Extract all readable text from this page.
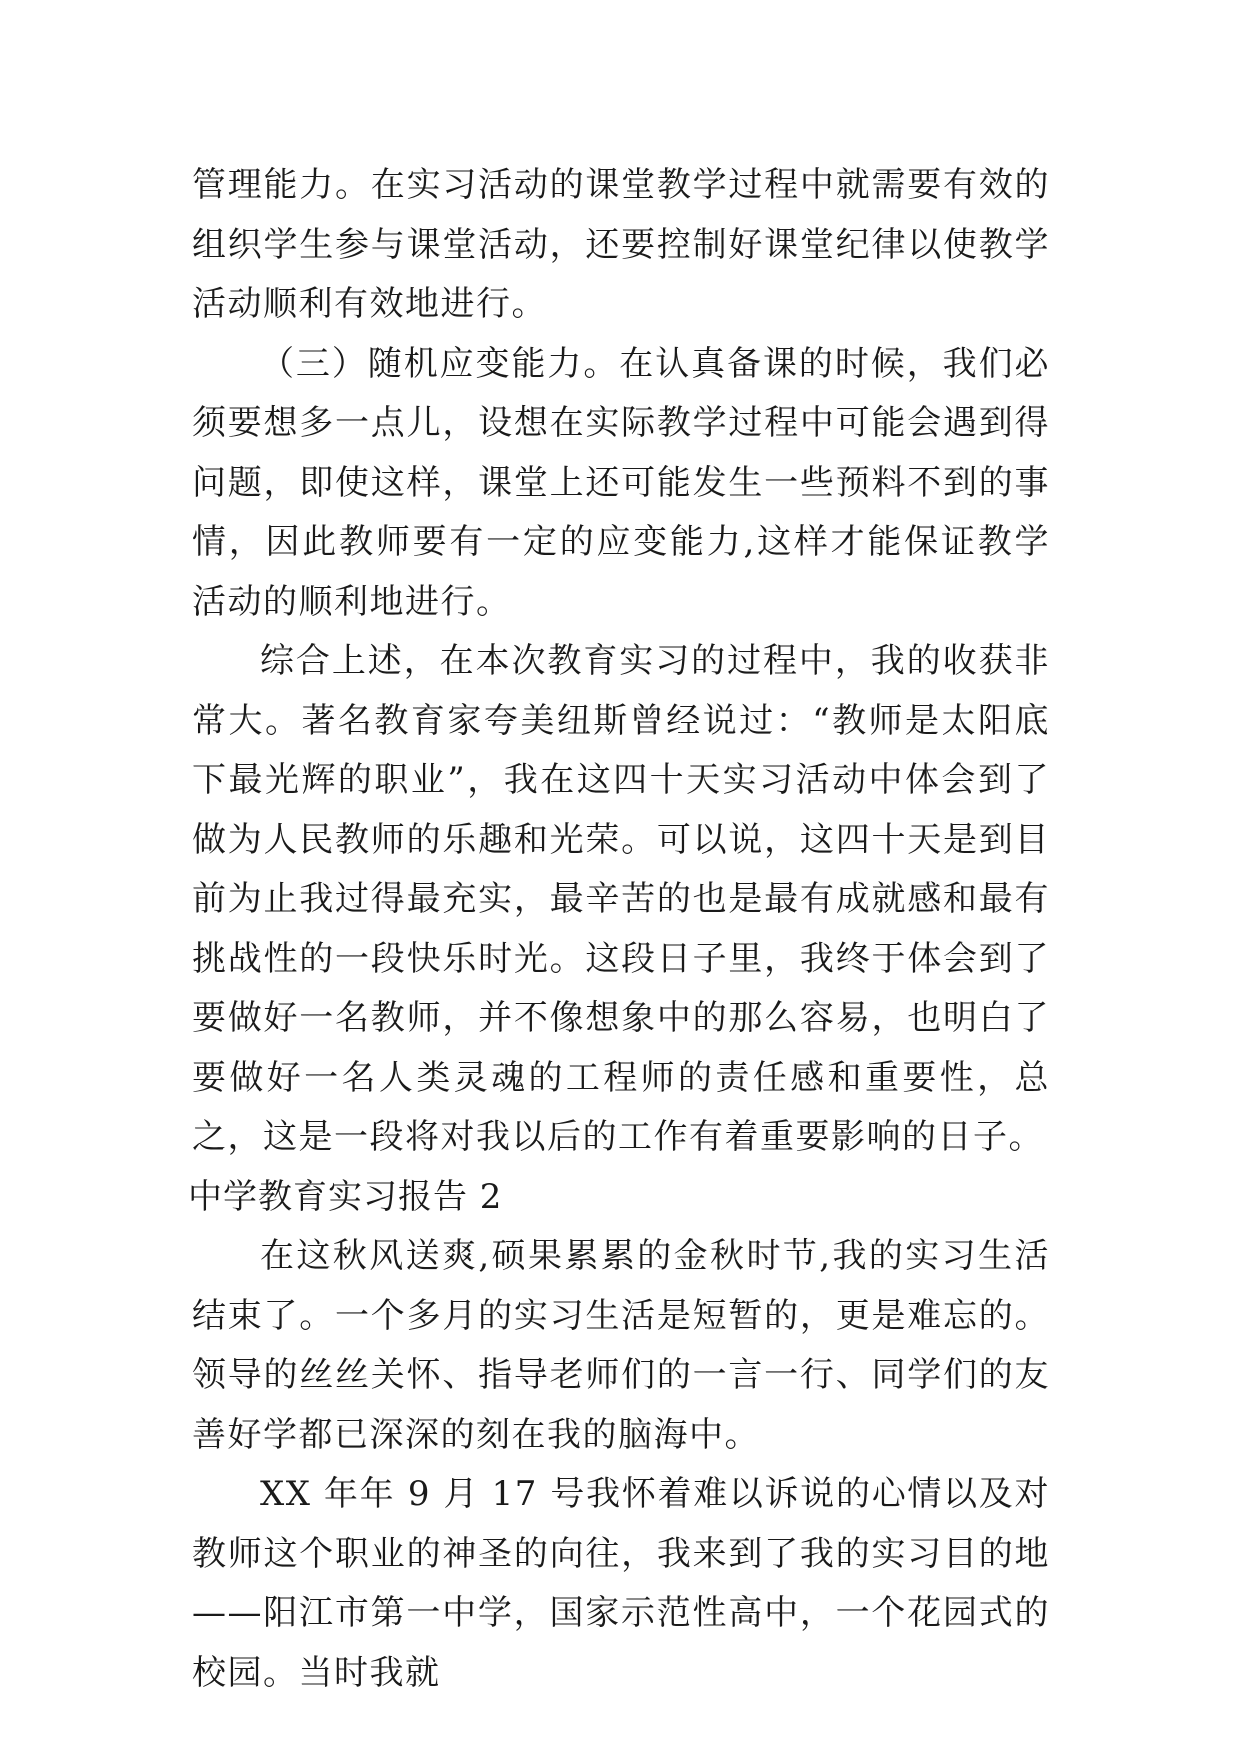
管理能力。在实习活动的课堂教学过程中就需要有效的组织学生参与课堂活动，还要控制好课堂纪律以使教学活动顺利有效地进行。

（三）随机应变能力。在认真备课的时候，我们必须要想多一点儿，设想在实际教学过程中可能会遇到得问题，即使这样，课堂上还可能发生一些预料不到的事情，因此教师要有一定的应变能力,这样才能保证教学活动的顺利地进行。

综合上述，在本次教育实习的过程中，我的收获非常大。著名教育家夸美纽斯曾经说过：“教师是太阳底下最光辉的职业”，我在这四十天实习活动中体会到了做为人民教师的乐趣和光荣。可以说，这四十天是到目前为止我过得最充实，最辛苦的也是最有成就感和最有挑战性的一段快乐时光。这段日子里，我终于体会到了要做好一名教师，并不像想象中的那么容易，也明白了要做好一名人类灵魂的工程师的责任感和重要性，总之，这是一段将对我以后的工作有着重要影响的日子。

中学教育实习报告 2

在这秋风送爽,硕果累累的金秋时节,我的实习生活结束了。一个多月的实习生活是短暂的，更是难忘的。领导的丝丝关怀、指导老师们的一言一行、同学们的友善好学都已深深的刻在我的脑海中。

XX 年年 9 月 17 号我怀着难以诉说的心情以及对教师这个职业的神圣的向往，我来到了我的实习目的地——阳江市第一中学，国家示范性高中，一个花园式的校园。当时我就
